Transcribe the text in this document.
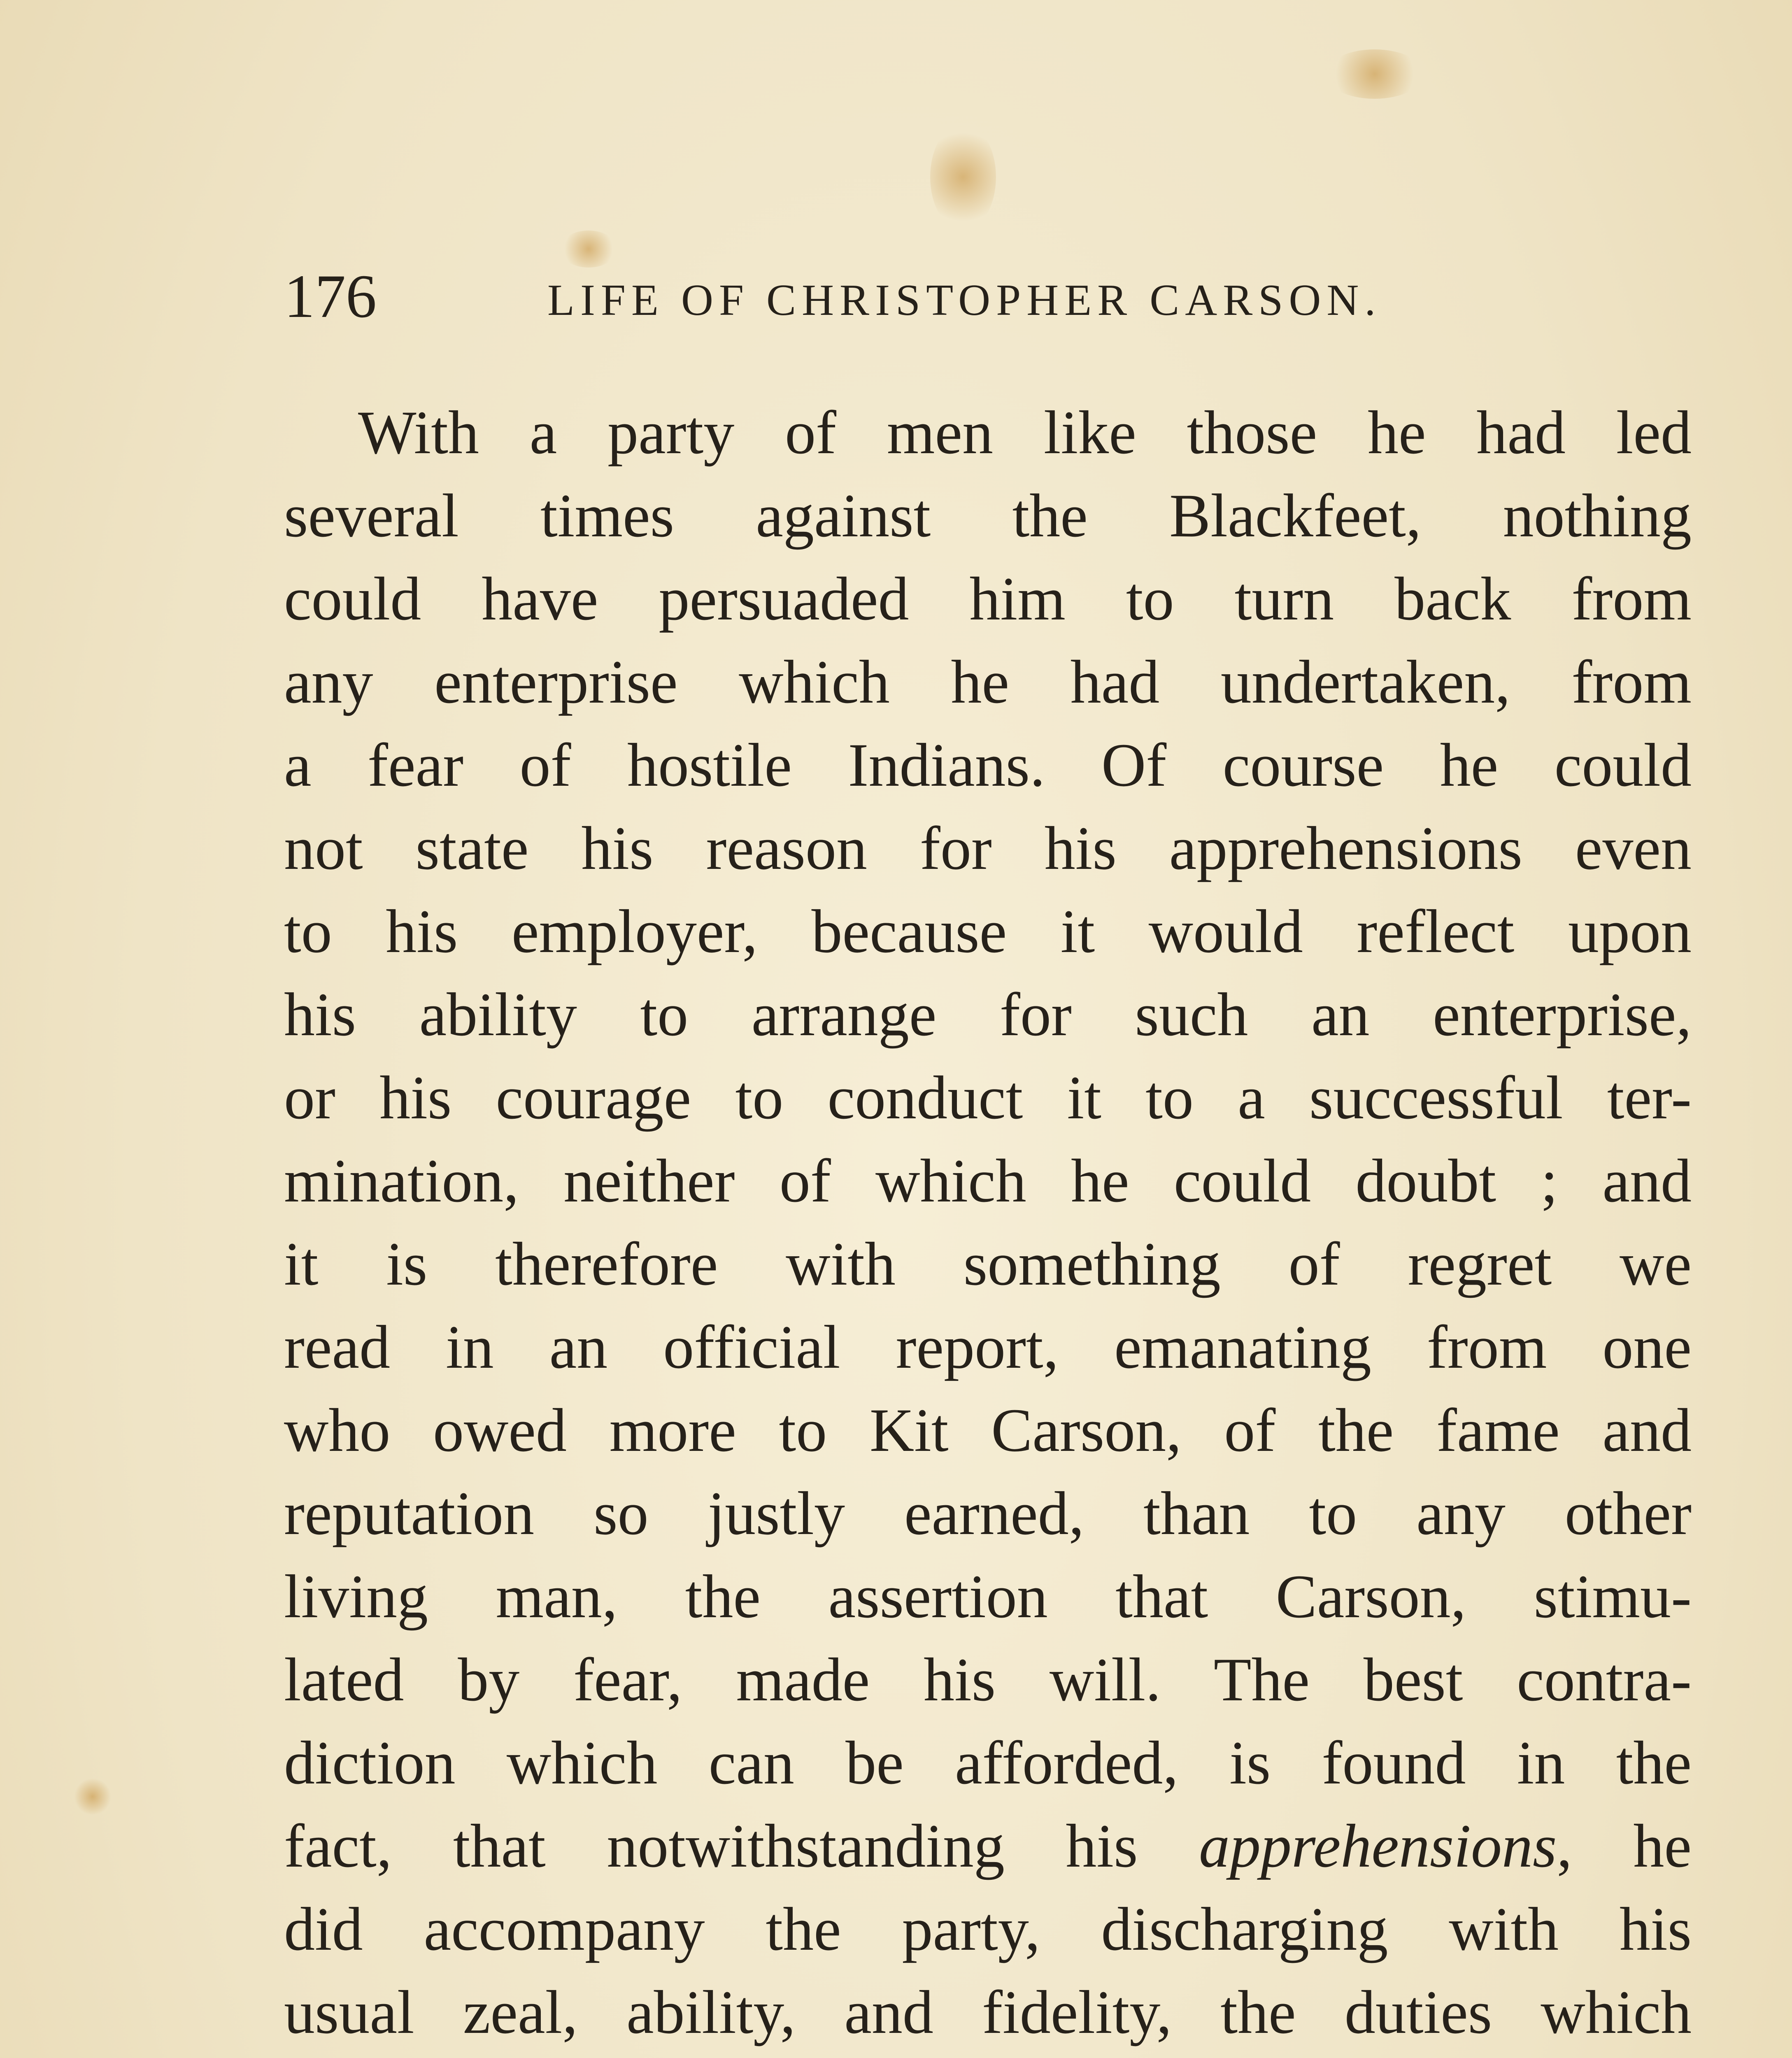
176	LIFE OF CHRISTOPHER CARSON.
With a party of men like those he had led
several times against the Blackfeet, nothing
could have persuaded him to turn back from
any enterprise which he had undertaken, from
a fear of hostile Indians. Of course he could
not state his reason for his apprehensions even
to his employer, because it would reflect upon
his ability to arrange for such an enterprise,
or his courage to conduct it to a successful ter-
mination, neither of which he could doubt ; and
it is therefore with something of regret we
read in an official report, emanating from one
who owed more to Kit Carson, of the fame and
reputation so justly earned, than to any other
living man, the assertion that Carson, stimu-
lated by fear, made his will. The best contra-
diction which can be afforded, is found in the
fact, that notwithstanding his apprehensions, he
did accompany the party, discharging with his
usual zeal, ability, and fidelity, the duties which
